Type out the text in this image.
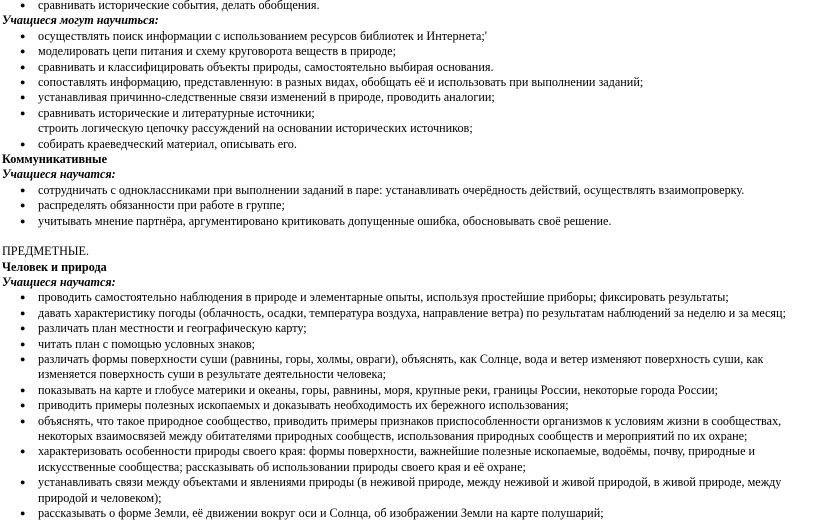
● сравнивать исторические события, делать обобщения.
Учащиеся могут научиться:
● осуществлять поиск информации с использованием ресурсов библиотек и Интернета;'
● моделировать цепи питания и схему круговорота веществ в природе;
● сравнивать и классифицировать объекты природы, самостоятельно выбирая основания.
● сопоставлять информацию, представленную: в разных видах, обобщать её и использовать при выполнении заданий;
● устанавливая причинно-следственные связи изменений в природе, проводить аналогии;
● сравнивать исторические и литературные источники;
строить логическую цепочку рассуждений на основании исторических источников;
● собирать краеведческий материал, описывать его.
Коммуникативные
Учащиеся научатся:
● сотрудничать с одноклассниками при выполнении заданий в паре: устанавливать очерёдность действий, осуществлять взаимопроверку.
● распределять обязанности при работе в группе;
● учитывать мнение партнёра, аргументировано критиковать допущенные ошибка, обосновывать своё решение.
ПРЕДМЕТНЫЕ.
Человек и природа
Учащиеся научатся:
● проводить самостоятельно наблюдения в природе и элементарные опыты, используя простейшие приборы; фиксировать результаты;
● давать характеристику погоды (облачность, осадки, температура воздуха, направление ветра) по результатам наблюдений за неделю и за месяц;
● различать план местности и географическую карту;
● читать план с помощью условных знаков;
● различать формы поверхности суши (равнины, горы, холмы, овраги), объяснять, как Солнце, вода и ветер изменяют поверхность суши, как изменяется поверхность суши в результате деятельности человека;
● показывать на карте и глобусе материки и океаны, горы, равнины, моря, крупные реки, границы России, некоторые города России;
● приводить примеры полезных ископаемых и доказывать необходимость их бережного использования;
● объяснять, что такое природное сообщество, приводить примеры признаков приспособленности организмов к условиям жизни в сообществах, некоторых взаимосвязей между обитателями природных сообществ, использования природных сообществ и мероприятий по их охране;
● характеризовать особенности природы своего края: формы поверхности, важнейшие полезные ископаемые, водоёмы, почву, природные и искусственные сообщества; рассказывать об использовании природы своего края и её охране;
● устанавливать связи между объектами и явлениями природы (в неживой природе, между неживой и живой природой, в живой природе, между природой и человеком);
● рассказывать о форме Земли, её движении вокруг оси и Солнца, об изображении Земли на карте полушарий;
